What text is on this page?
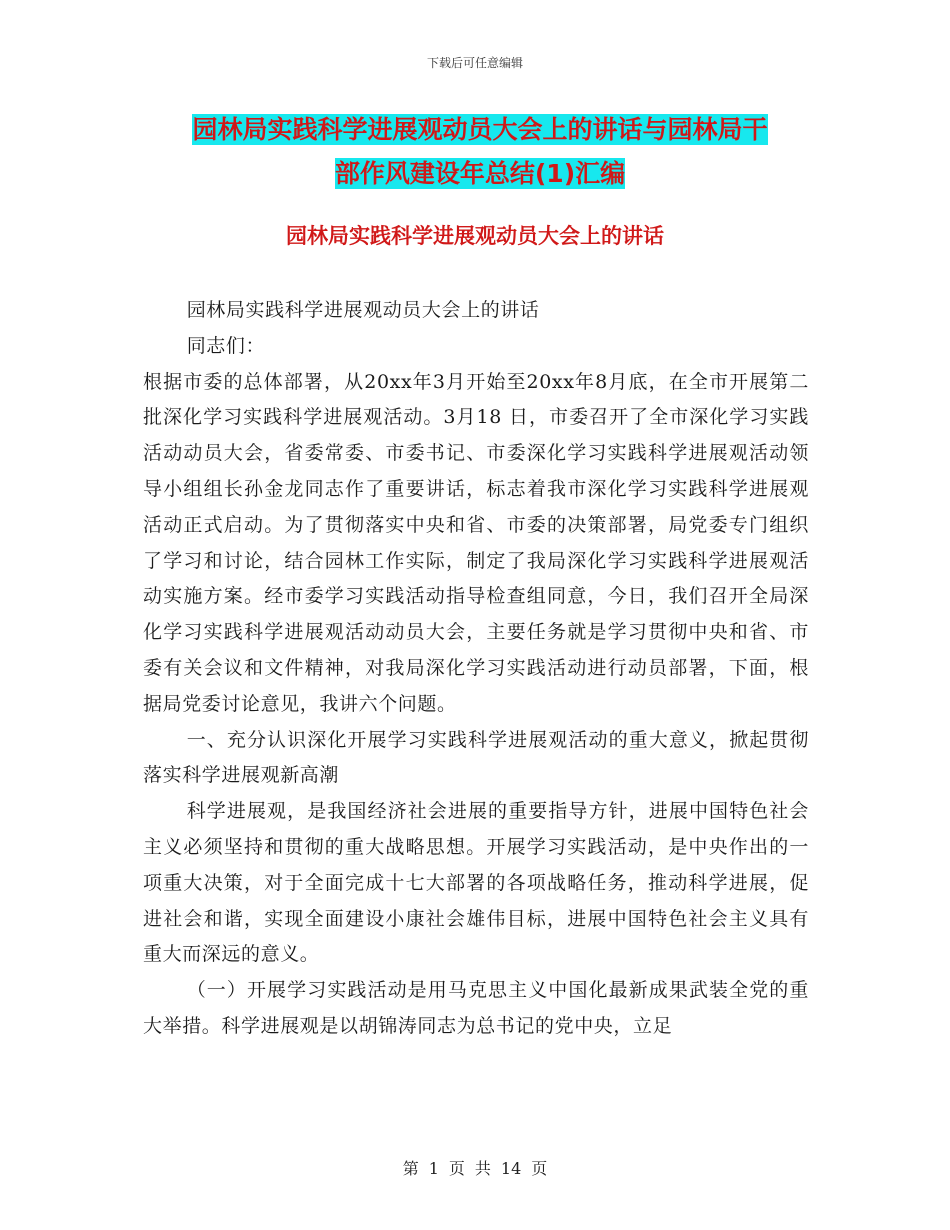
下载后可任意编辑
园林局实践科学进展观动员大会上的讲话与园林局干
部作风建设年总结(1)汇编
园林局实践科学进展观动员大会上的讲话

园林局实践科学进展观动员大会上的讲话

同志们：

根据市委的总体部署，从20xx年3月开始至20xx年8月底，在全市开展第二批深化学习实践科学进展观活动。3月18 日，市委召开了全市深化学习实践活动动员大会，省委常委、市委书记、市委深化学习实践科学进展观活动领导小组组长孙金龙同志作了重要讲话，标志着我市深化学习实践科学进展观活动正式启动。为了贯彻落实中央和省、市委的决策部署，局党委专门组织了学习和讨论，结合园林工作实际，制定了我局深化学习实践科学进展观活动实施方案。经市委学习实践活动指导检查组同意，今日，我们召开全局深化学习实践科学进展观活动动员大会，主要任务就是学习贯彻中央和省、市委有关会议和文件精神，对我局深化学习实践活动进行动员部署，下面，根据局党委讨论意见，我讲六个问题。

一、充分认识深化开展学习实践科学进展观活动的重大意义，掀起贯彻落实科学进展观新高潮

科学进展观，是我国经济社会进展的重要指导方针，进展中国特色社会主义必须坚持和贯彻的重大战略思想。开展学习实践活动，是中央作出的一项重大决策，对于全面完成十七大部署的各项战略任务，推动科学进展，促进社会和谐，实现全面建设小康社会雄伟目标，进展中国特色社会主义具有重大而深远的意义。

（一）开展学习实践活动是用马克思主义中国化最新成果武装全党的重大举措。科学进展观是以胡锦涛同志为总书记的党中央，立足

第 1 页 共 14 页
